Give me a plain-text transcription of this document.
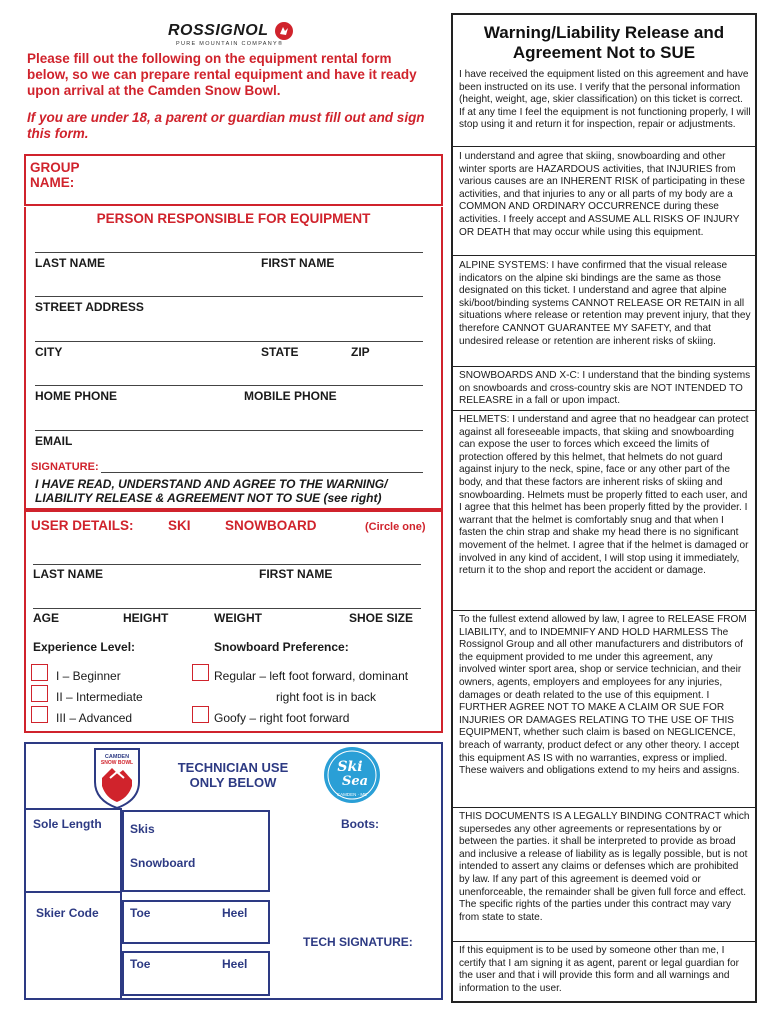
ROSSIGNOL
PURE MOUNTAIN COMPANY®
Please fill out the following on the equipment rental form below, so we can prepare rental equipment and have it ready upon arrival at the Camden Snow Bowl.
If you are under 18, a parent or guardian must fill out and sign this form.
GROUP
NAME:
PERSON RESPONSIBLE FOR EQUIPMENT
LAST NAME	FIRST NAME
STREET ADDRESS
CITY	STATE	ZIP
HOME PHONE	MOBILE PHONE
EMAIL
SIGNATURE:
I HAVE READ, UNDERSTAND AND AGREE TO THE WARNING/
LIABILITY RELEASE & AGREEMENT NOT TO SUE (see right)
USER DETAILS:	SKI	SNOWBOARD	(Circle one)
LAST NAME	FIRST NAME
AGE	HEIGHT	WEIGHT	SHOE SIZE
Experience Level:	Snowboard Preference:
I – Beginner
II – Intermediate
III – Advanced
Regular – left foot forward, dominant
right foot is in back
Goofy – right foot forward
CAMDEN
SNOW BOWL	TECHNICIAN USE
ONLY BELOW
Ski
Sea
CAMDEN · ME
Sole Length
Skier Code
Skis
Snowboard
Boots:
Toe	Heel
Toe	Heel
TECH SIGNATURE:
Warning/Liability Release and
Agreement Not to SUE
I have received the equipment listed on this agreement and have been instructed on its use. I verify that the personal information (height, weight, age, skier classification) on this ticket is correct. If at any time I feel the equipment is not functioning properly, I will stop using it and return it for inspection, repair or adjustments.
I understand and agree that skiing, snowboarding and other winter sports are HAZARDOUS activities, that INJURIES from various causes are an INHERENT RISK of participating in these activities, and that injuries to any or all parts of my body are a COMMON AND ORDINARY OCCURRENCE during these activities. I freely accept and ASSUME ALL RISKS OF INJURY OR DEATH that may occur while using this equipment.
ALPINE SYSTEMS: I have confirmed that the visual release indicators on the alpine ski bindings are the same as those designated on this ticket. I understand and agree that alpine ski/boot/binding systems CANNOT RELEASE OR RETAIN in all situations where release or retention may prevent injury, that they therefore CANNOT GUARANTEE MY SAFETY, and that undesired release or retention are inherent risks of skiing.
SNOWBOARDS AND X-C: I understand that the binding systems on snowboards and cross-country skis are NOT INTENDED TO RELEASRE in a fall or upon impact.
HELMETS: I understand and agree that no headgear can protect against all foreseeable impacts, that skiing and snowboarding can expose the user to forces which exceed the limits of protection offered by this helmet, that helmets do not guard against injury to the neck, spine, face or any other part of the body, and that these factors are inherent risks of skiing and snowboarding. Helmets must be properly fitted to each user, and I agree that this helmet has been properly fitted by the provider. I warrant that the helmet is comfortably snug and that when I fasten the chin strap and shake my head there is no significant movement of the helmet. I agree that if the helmet is damaged or involved in any kind of accident, I will stop using it immediately, return it to the shop and report the accident or damage.
To the fullest extend allowed by law, I agree to RELEASE FROM LIABILITY, and to INDEMNIFY AND HOLD HARMLESS The Rossignol Group and all other manufacturers and distributors of the equipment provided to me under this agreement, any involved winter sport area, shop or service technician, and their owners, agents, employers and employees for any injuries, damages or death related to the use of this equipment. I FURTHER AGREE NOT TO MAKE A CLAIM OR SUE FOR INJURIES OR DAMAGES RELATING TO THE USE OF THIS EQUIPMENT, whether such claim is based on NEGLICENCE, breach of warranty, product defect or any other theory. I accept this equipment AS IS with no warranties, express or implied. These waivers and obligations extend to my heirs and assigns.
THIS DOCUMENTS IS A LEGALLY BINDING CONTRACT which supersedes any other agreements or representations by or between the parties. it shall be interpreted to provide as broad and inclusive a release of liability as is legally possible, but is not intended to assert any claims or defenses which are prohibited by law. If any part of this agreement is deemed void or unenforceable, the remainder shall be given full force and effect. The specific rights of the parties under this contract may vary from state to state.
If this equipment is to be used by someone other than me, I certify that I am signing it as agent, parent or legal guardian for the user and that i will provide this form and all warnings and information to the user.
